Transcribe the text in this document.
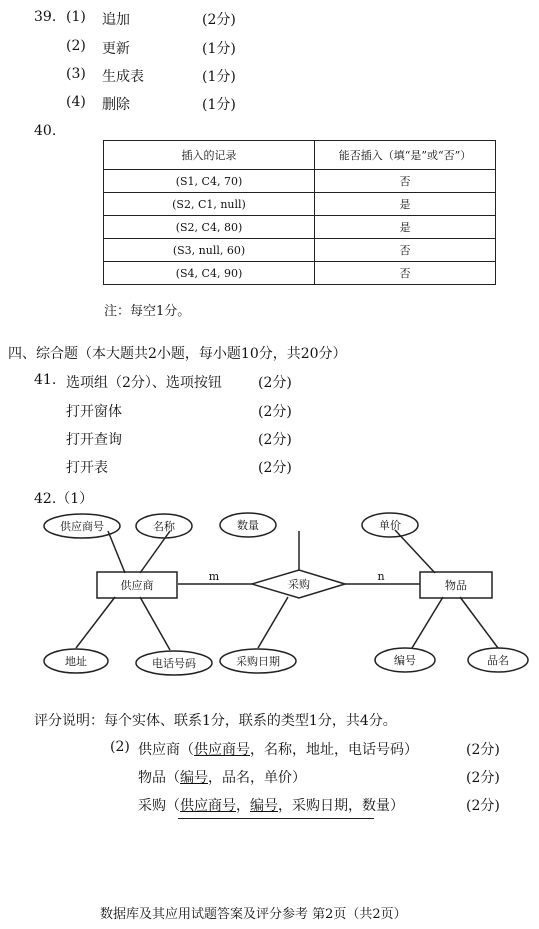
39. (1) 追加	(2分)
(2) 更新	(1分)
(3) 生成表	(1分)
(4) 删除	(1分)
40.
插入的记录	能否插入（填“是”或“否”）
(S1, C4, 70)	否
(S2, C1, null)	是
(S2, C4, 80)	是
(S3, null, 60)	否
(S4, C4, 90)	否
注：每空1分。
四、综合题（本大题共2小题，每小题10分，共20分）
41. 选项组（2分）、选项按钮	(2分)
打开窗体	(2分)
打开查询	(2分)
打开表	(2分)
42.（1）
供应商	物品
采购
供应商号	名称
地址	电话号码
数量
采购日期
单价
编号	品名
m	n
评分说明：每个实体、联系1分，联系的类型1分，共4分。
(2) 供应商（供应商号，名称，地址，电话号码）	(2分)
物品（编号，品名，单价）	(2分)
采购（供应商号，编号，采购日期，数量）	(2分)
数据库及其应用试题答案及评分参考 第2页（共2页）
